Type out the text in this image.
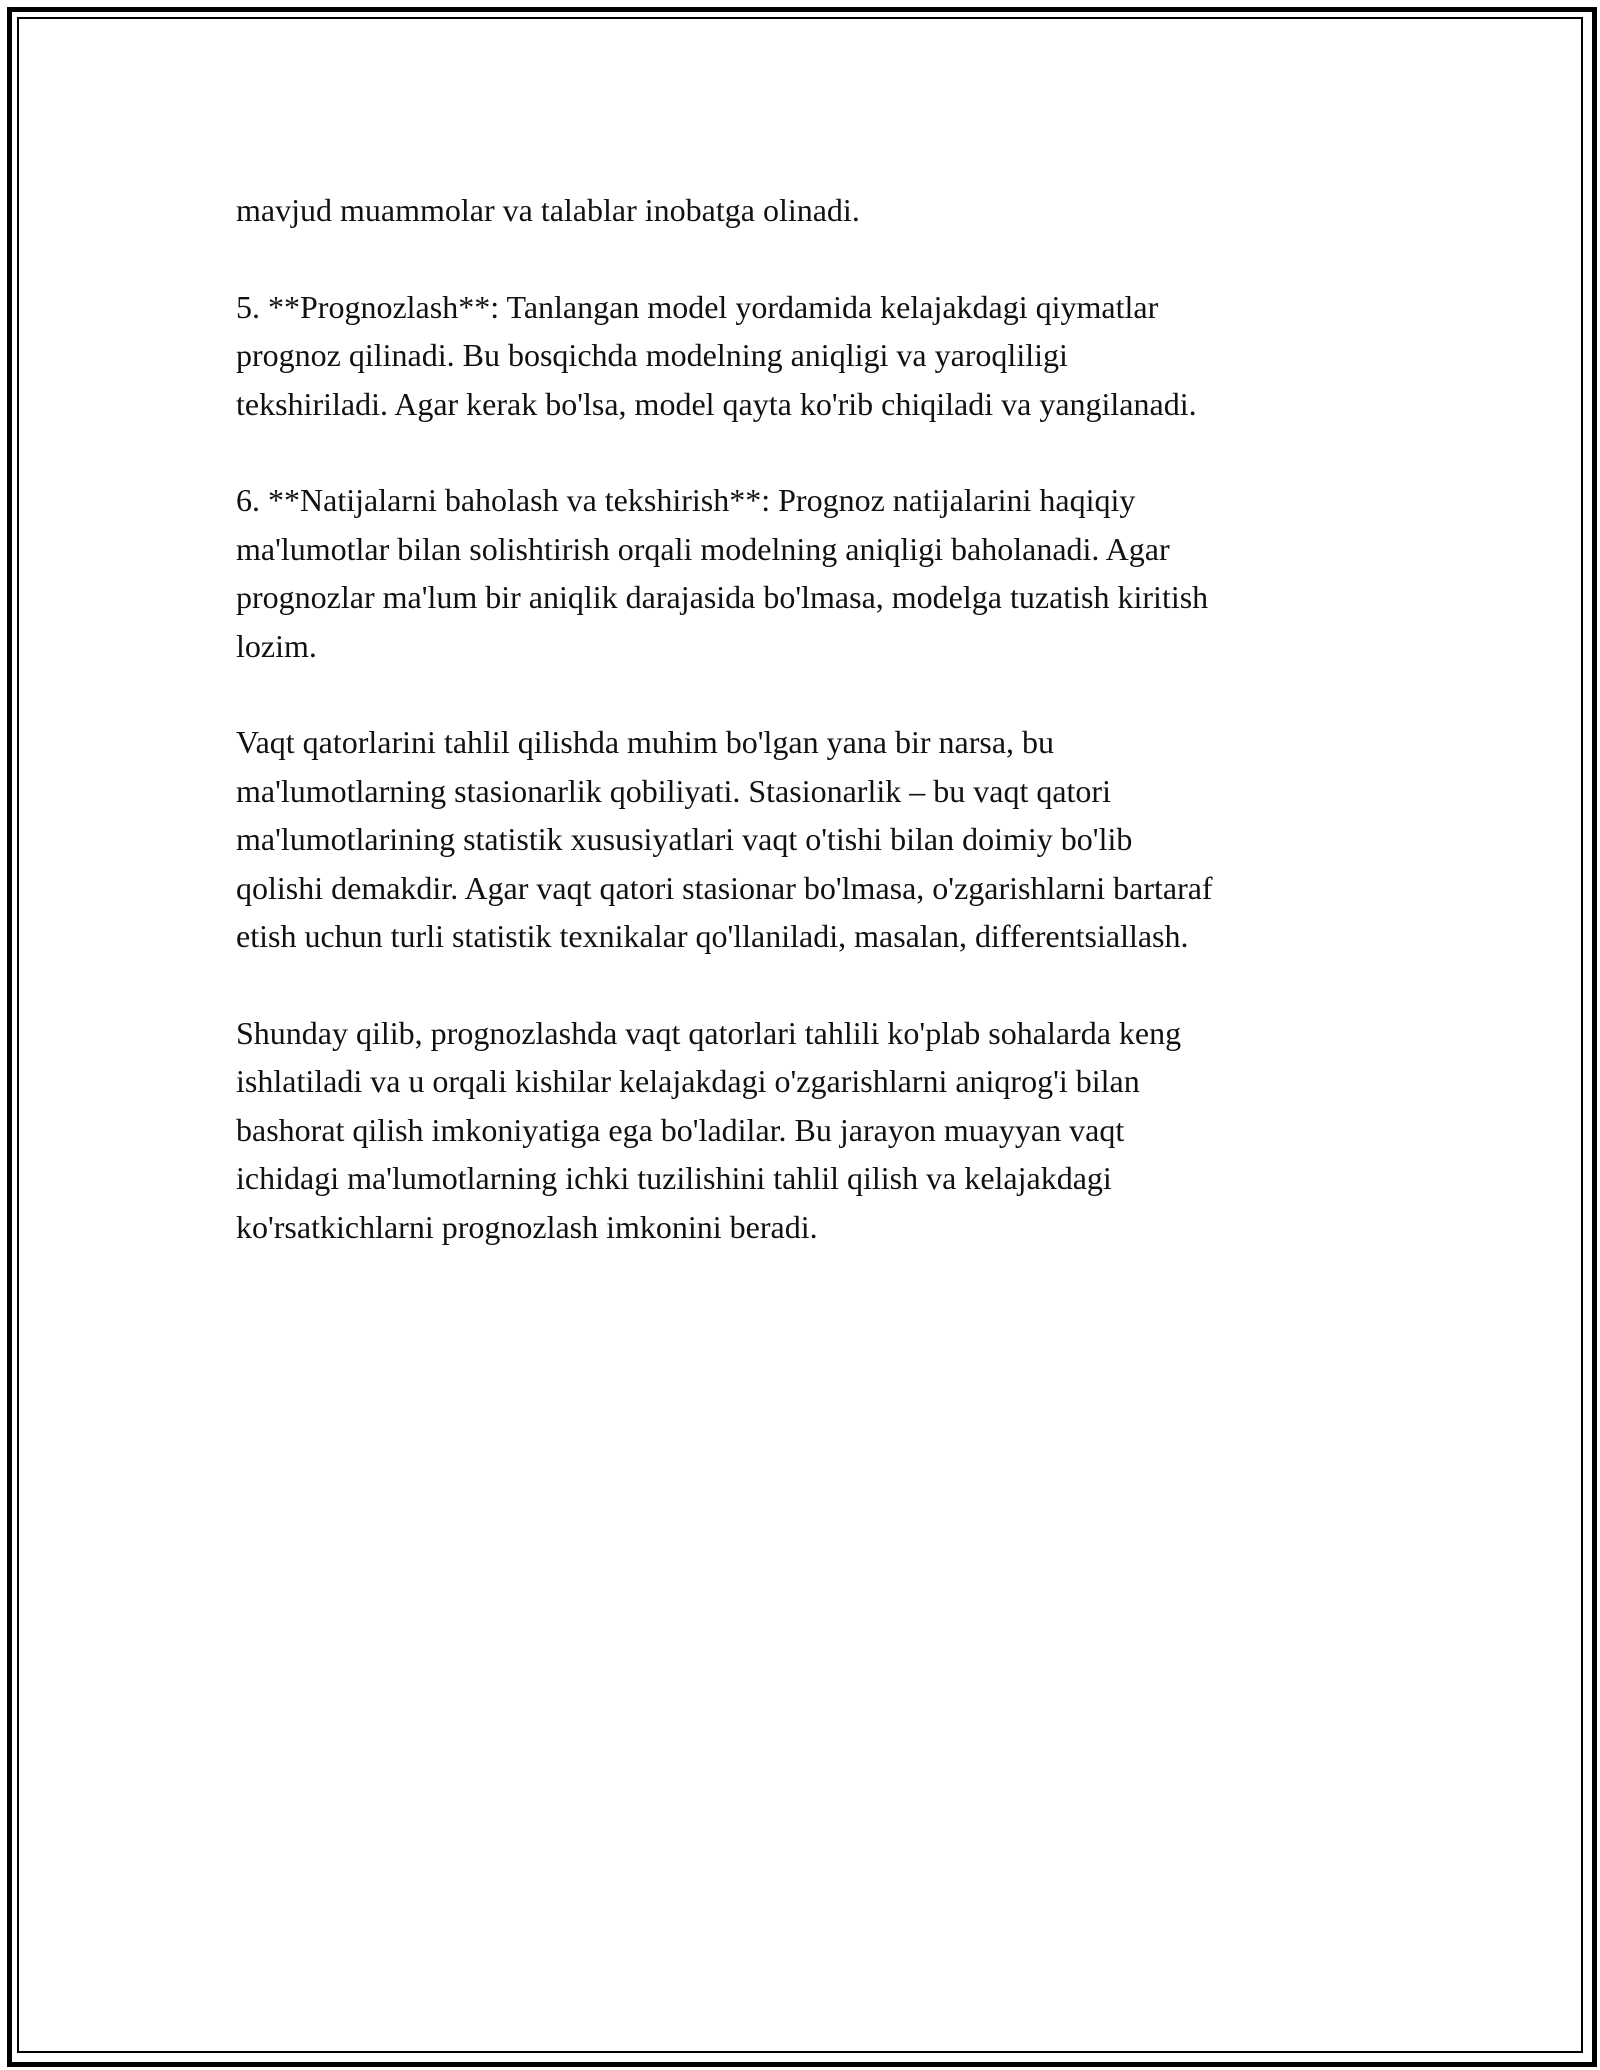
mavjud muammolar va talablar inobatga olinadi.

5. **Prognozlash**: Tanlangan model yordamida kelajakdagi qiymatlar
prognoz qilinadi. Bu bosqichda modelning aniqligi va yaroqliligi
tekshiriladi. Agar kerak bo'lsa, model qayta ko'rib chiqiladi va yangilanadi.

6. **Natijalarni baholash va tekshirish**: Prognoz natijalarini haqiqiy
ma'lumotlar bilan solishtirish orqali modelning aniqligi baholanadi. Agar
prognozlar ma'lum bir aniqlik darajasida bo'lmasa, modelga tuzatish kiritish
lozim.

Vaqt qatorlarini tahlil qilishda muhim bo'lgan yana bir narsa, bu
ma'lumotlarning stasionarlik qobiliyati. Stasionarlik – bu vaqt qatori
ma'lumotlarining statistik xususiyatlari vaqt o'tishi bilan doimiy bo'lib
qolishi demakdir. Agar vaqt qatori stasionar bo'lmasa, o'zgarishlarni bartaraf
etish uchun turli statistik texnikalar qo'llaniladi, masalan, differentsiallash.

Shunday qilib, prognozlashda vaqt qatorlari tahlili ko'plab sohalarda keng
ishlatiladi va u orqali kishilar kelajakdagi o'zgarishlarni aniqrog'i bilan
bashorat qilish imkoniyatiga ega bo'ladilar. Bu jarayon muayyan vaqt
ichidagi ma'lumotlarning ichki tuzilishini tahlil qilish va kelajakdagi
ko'rsatkichlarni prognozlash imkonini beradi.
